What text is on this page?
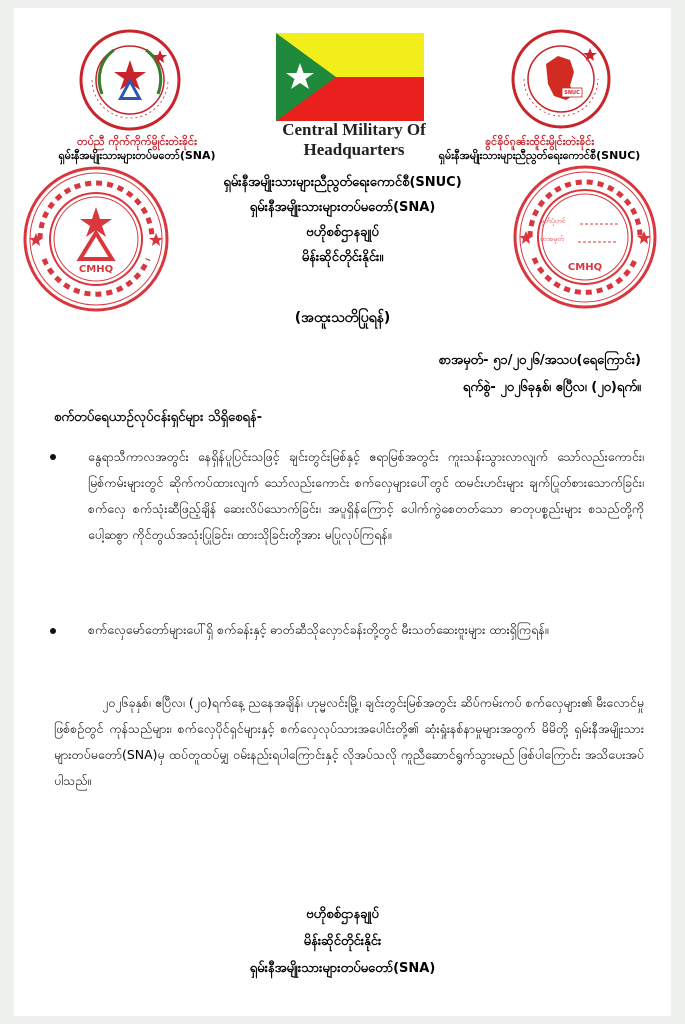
တပ်ညီ ကိုက်ကိုက်မွိုင်းတဲးၶိုင်း
ရှမ်းနီအမျိုးသားများတပ်မတော်(SNA)
Central Military Of
Headquarters
SNUC
ၶွင်ၶိုဝ်ၵူၼ်းထိူင်းမွိုင်းတဲးၶိုင်း
ရှမ်းနီအမျိုးသားများညီညွတ်ရေးကောင်စီ(SNUC)
CMHQ
မှတ်ပုံတင်
စာအမှတ်
CMHQ
ရှမ်းနီအမျိုးသားများညီညွတ်ရေးကောင်စီ(SNUC)
ရှမ်းနီအမျိုးသားများတပ်မတော်(SNA)
ဗဟိုစစ်ဌာနချုပ်
မိန်းဆိုင်တိုင်းနိုင်း။
(အထူးသတိပြုရန်)
စာအမှတ်- ၅၁/၂၀၂၆/အသပ(ရေကြောင်း)
ရက်စွဲ- ၂၀၂၆ခုနှစ်၊ ဧပြီလ၊ (၂၀)ရက်။
စက်တပ်ရေယာဉ်လုပ်ငန်းရှင်များ သိရှိစေရန်-
နွေရာသီကာလအတွင်း နေရှိန်ပူပြင်းသဖြင့် ချင်းတွင်းမြစ်နှင့် ဧရာမြစ်အတွင်း ကူးသန်းသွားလာလျက် သော်လည်းကောင်း၊ မြစ်ကမ်းများတွင် ဆိုက်ကပ်ထားလျက် သော်လည်းကောင်း စက်လှေများပေါ်တွင် ထမင်းဟင်းများ ချက်ပြုတ်စားသောက်ခြင်း၊ စက်လှေ စက်သုံးဆီဖြည့်ချိန် ဆေးလိပ်သောက်ခြင်း၊ အပူရှိန်ကြောင့် ပေါက်ကွဲစေတတ်သော ဓာတုပစ္စည်းများ စသည်တို့ကို ပေါ့ဆစွာ ကိုင်တွယ်အသုံးပြုခြင်း၊ ထားသိုခြင်းတို့အား မပြုလုပ်ကြရန်။
စက်လှေမော်တော်များပေါ်ရှိ စက်ခန်းနှင့် ဓာတ်ဆီသိုလှောင်ခန်းတို့တွင် မီးသတ်ဆေးဗူးများ ထားရှိကြရန်။
၂၀၂၆ခုနှစ်၊ ဧပြီလ၊ (၂၀)ရက်နေ့ ညနေအချိန်၊ ဟုမ္မလင်းမြို့၊ ချင်းတွင်းမြစ်အတွင်း ဆိပ်ကမ်းကပ် စက်လှေများ၏ မီးလောင်မှုဖြစ်စဉ်တွင် ကုန်သည်များ၊ စက်လှေပိုင်ရှင်များနှင့် စက်လှေလုပ်သားအပေါင်းတို့၏ ဆုံးရှုံးနစ်နာမှုများအတွက် မိမိတို့ ရှမ်းနီအမျိုးသားများတပ်မတော်(SNA)မှ ထပ်တူထပ်မျှ ဝမ်းနည်းရပါကြောင်းနှင့် လိုအပ်သလို ကူညီဆောင်ရွက်သွားမည် ဖြစ်ပါကြောင်း အသိပေးအပ်ပါသည်။
ဗဟိုစစ်ဌာနချုပ်
မိန်းဆိုင်တိုင်းနိုင်း
ရှမ်းနီအမျိုးသားများတပ်မတော်(SNA)
